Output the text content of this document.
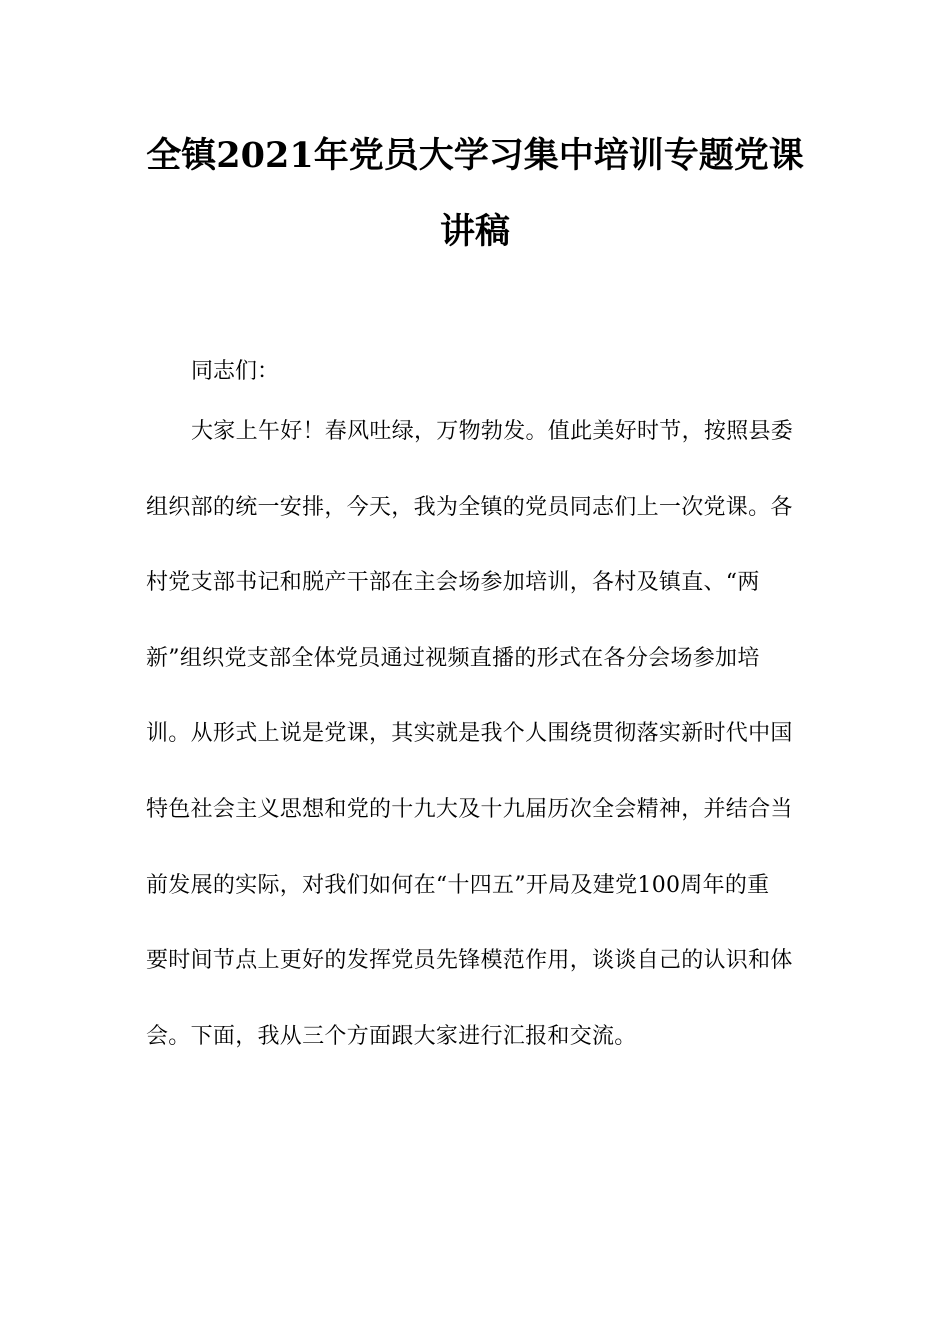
全镇2021年党员大学习集中培训专题党课
讲稿
同志们：
大家上午好！春风吐绿，万物勃发。值此美好时节，按照县委
组织部的统一安排，今天，我为全镇的党员同志们上一次党课。各
村党支部书记和脱产干部在主会场参加培训，各村及镇直、“两
新”组织党支部全体党员通过视频直播的形式在各分会场参加培
训。从形式上说是党课，其实就是我个人围绕贯彻落实新时代中国
特色社会主义思想和党的十九大及十九届历次全会精神，并结合当
前发展的实际，对我们如何在“十四五”开局及建党100周年的重
要时间节点上更好的发挥党员先锋模范作用，谈谈自己的认识和体
会。下面，我从三个方面跟大家进行汇报和交流。
